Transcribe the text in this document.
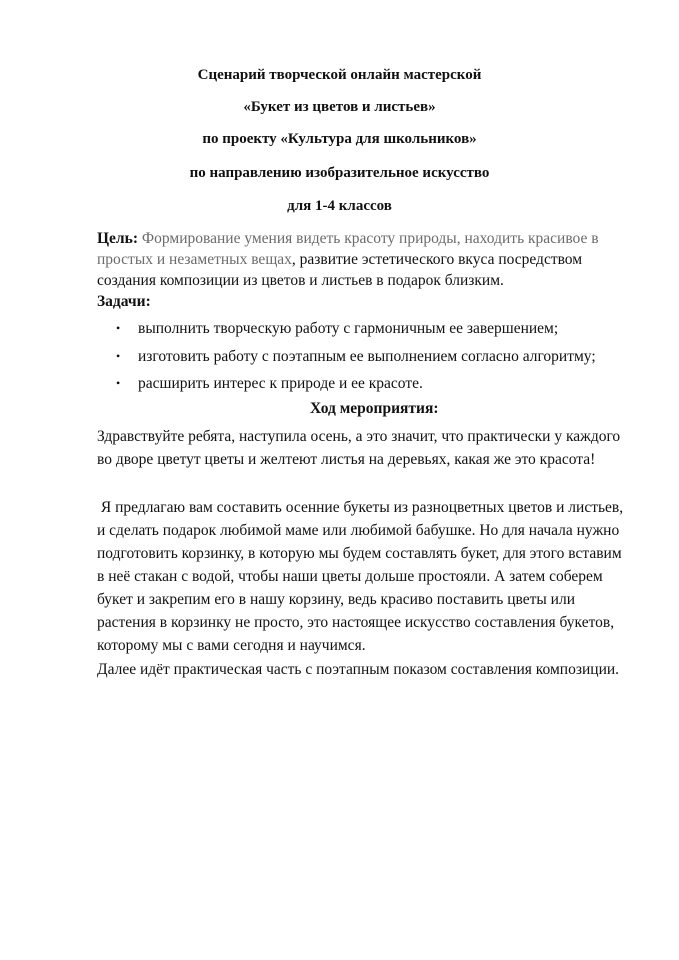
Сценарий творческой онлайн мастерской
«Букет из цветов и листьев»
по проекту «Культура для школьников»
по направлению изобразительное искусство
для 1-4 классов
Цель: Формирование умения видеть красоту природы, находить красивое в простых и незаметных вещах, развитие эстетического вкуса посредством создания композиции из цветов и листьев в подарок близким.
Задачи:
• выполнить творческую работу с гармоничным ее завершением;
• изготовить работу с поэтапным ее выполнением согласно алгоритму;
• расширить интерес к природе и ее красоте.
Ход мероприятия:
Здравствуйте ребята, наступила осень, а это значит, что практически у каждого во дворе цветут цветы и желтеют листья на деревьях, какая же это красота!
Я предлагаю вам составить осенние букеты из разноцветных цветов и листьев, и сделать подарок любимой маме или любимой бабушке. Но для начала нужно подготовить корзинку, в которую мы будем составлять букет, для этого вставим в неё стакан с водой, чтобы наши цветы дольше простояли. А затем соберем букет и закрепим его в нашу корзину, ведь красиво поставить цветы или растения в корзинку не просто, это настоящее искусство составления букетов, которому мы с вами сегодня и научимся.
Далее идёт практическая часть с поэтапным показом составления композиции.
